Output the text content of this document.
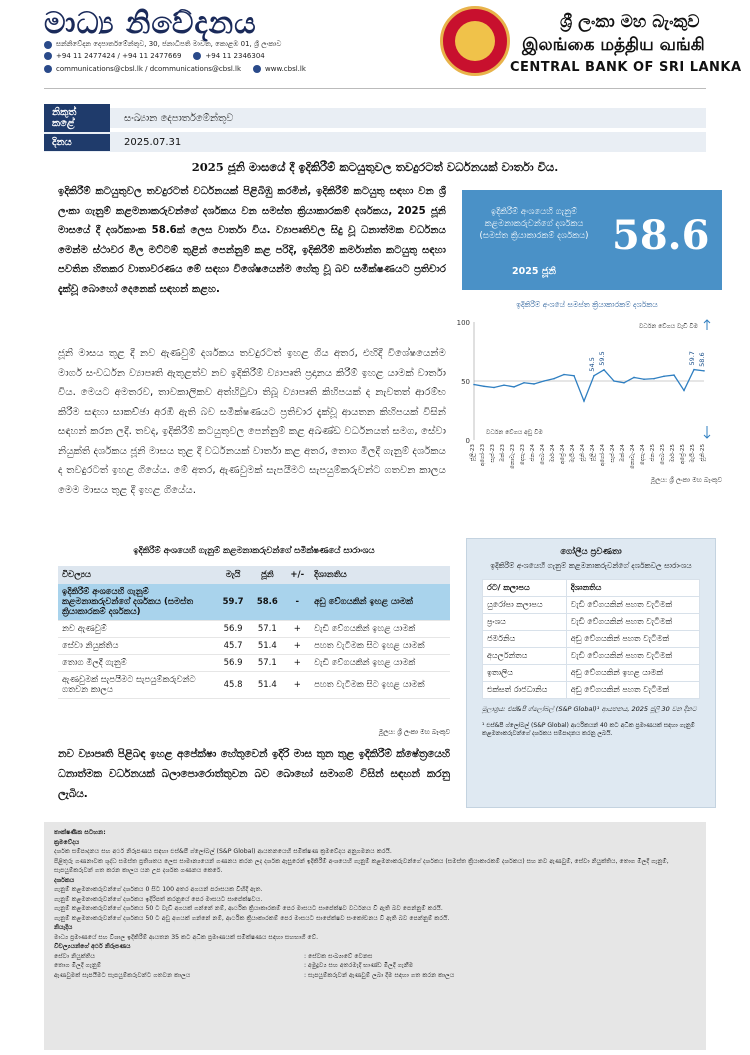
මාධ්‍ය නිවේදනය
සන්නිවේදන දෙපාර්තමේන්තුව, 30, ජනාධිපති මාවත, කොළඹ 01, ශ්‍රී ලංකාව
+94 11 2477424 / +94 11 2477669	+94 11 2346304
communications@cbsl.lk / dcommunications@cbsl.lk	www.cbsl.lk
ශ්‍රී ලංකා මහ බැංකුව
இலங்கை மத்திய வங்கி
CENTRAL BANK OF SRI LANKA
නිකුත් කළේ	සංඛ්‍යාන දෙපාර්තමේන්තුව
දිනය	2025.07.31
2025 ජූනි මාසයේ දී ඉදිකිරීම් කටයුතුවල තවදුරටත් වර්ධනයක් වාර්තා විය.
ඉදිකිරීම් කටයුතුවල තවදුරටත් වර්ධනයක් පිළිබිඹු කරමින්, ඉදිකිරීම් කටයුතු සඳහා වන ශ්‍රී ලංකා ගැනුම් කළමනාකරුවන්ගේ දර්ශකය වන සමස්ත ක්‍රියාකාරකම් දර්ශකය, 2025 ජූනි මාසයේ දී දර්ශකාංක 58.6ක් ලෙස වාර්තා විය. ව්‍යාපෘතිවල සිදු වූ ධනාත්මක වර්ධනය මෙන්ම ස්ථාවර මිල මට්ටම් තුළින් පෙන්නුම් කළ පරිදි, ඉදිකිරීම් කර්මාන්ත කටයුතු සඳහා පවතින හිතකර වාතාවරණය මේ සඳහා විශේෂයෙන්ම හේතු වූ බව සමීක්ෂණයට ප්‍රතිචාර දැක්වූ බොහෝ දෙනෙක් සඳහන් කළහ.
ජූනි මාසය තුළ දී නව ඇණවුම් දර්ශකය තවදුරටත් ඉහළ ගිය අතර, එහිදී විශේෂයෙන්ම මාර්ග සංවර්ධන ව්‍යාපෘති ඇතුළත්ව නව ඉදිකිරීම් ව්‍යාපෘති ප්‍රදානය කිරීම් ඉහළ යාමක් වාර්තා විය. මෙයට අමතරව, තාවකාලිකව අත්හිටුවා තිබූ ව්‍යාපෘති කිහිපයක් ද නැවතත් ආරම්භ කිරීම සඳහා සාකච්ඡා අරඹී ඇති බව සමීක්ෂණයට ප්‍රතිචාර දැක්වූ ආයතන කිහිපයක් විසින් සඳහන් කරන ලදී. තවද, ඉදිකිරීම් කටයුතුවල පෙන්නුම් කළ අඛණ්ඩ වර්ධනයත් සමග, සේවා නියුක්ති දර්ශකය ජූනි මාසය තුළ දී වර්ධනයක් වාර්තා කළ අතර, තොග මිලදී ගැනුම් දර්ශකය ද තවදුරටත් ඉහළ ගියේය. මේ අතර, ඇණවුමක් සැපයීමට සැපයුම්කරුවන්ට ගතවන කාලය මෙම මාසය තුළ දී ඉහළ ගියේය.
ඉදිකිරීම් අංශයෙහි ගැනුම් කළමනාකරුවන්ගේ දර්ශකය (සමස්ත ක්‍රියාකාරකම් දර්ශකය)
2025 ජූනි
58.6
ඉදිකිරීම් අංශයේ සමස්ත ක්‍රියාකාරකම් දර්ශකය
0
50
100
54.5 59.5	59.7 58.6
ජූලි-23 අගෝ-23 සැප්-23 ඔක්-23 නොවැ-23 දෙසැ-23 ජන-24 පෙබ-24 මාර්-24 අප්‍රේ-24 මැයි-24 ජූනි-24 ජූලි-24 අගෝ-24 සැප්-24 ඔක්-24 නොවැ-24 දෙසැ-24 ජන-25 පෙබ-25 මාර්-25 අප්‍රේ-25 මැයි-25 ජූනි-25
වර්ධන වේගය වැඩි වීම
වර්ධන වේගය අඩු වීම
මූලය: ශ්‍රී ලංකා මහ බැංකුව
ඉදිකිරීම් අංශයෙහි ගැනුම් කළමනාකරුවන්ගේ සමීක්ෂණයේ සාරාංශය
විචල්‍යය	මැයි	ජූනි	+/-	දිශානතිය
ඉදිකිරීම් අංශයෙහි ගැනුම් කළමනාකරුවන්ගේ දර්ශකය (සමස්ත ක්‍රියාකාරකම් දර්ශකය)	59.7	58.6	-	අඩු වේගයකින් ඉහළ යාමක්
නව ඇණවුම්	56.9	57.1	+	වැඩි වේගයකින් ඉහළ යාමක්
සේවා නියුක්තිය	45.7	51.4	+	පහත වැටීමක සිට ඉහළ යාමක්
තොග මිලදී ගැනුම්	56.9	57.1	+	වැඩි වේගයකින් ඉහළ යාමක්
ඇණවුමක් සැපයීමට සැපයුම්කරුවන්ට ගතවන කාලය	45.8	51.4	+	පහත වැටීමක සිට ඉහළ යාමක්
මූලය: ශ්‍රී ලංකා මහ බැංකුව
නව ව්‍යාපෘති පිළිබඳ ඉහළ අපේක්ෂා හේතුවෙන් ඉදිරි මාස තුන තුළ ඉදිකිරීම් ක්ෂේත්‍රයෙහි ධනාත්මක වර්ධනයක් බලාපොරොත්තුවන බව බොහෝ සමාගම් විසින් සඳහන් කරනු ලැබිය.
ගෝලීය ප්‍රවණතා
ඉදිකිරීම් අංශයෙහි ගැනුම් කළමනාකරුවන්ගේ දර්ශකවල සාරාංශය
රට/ කලාපය	දිශානතිය
යුරෝපා කලාපය	වැඩි වේගයකින් පහත වැටීමක්
ප්‍රංශය	වැඩි වේගයකින් පහත වැටීමක්
ජර්මනිය	අඩු වේගයකින් පහත වැටීමක්
අයර්ලන්තය	වැඩි වේගයකින් පහත වැටීමක්
ඉතාලිය	අඩු වේගයකින් ඉහළ යාමක්
එක්සත් රාජධානිය	අඩු වේගයකින් පහත වැටීමක්
මූලාශ්‍රය: එස්&පී ග්ලෝබල් (S&P Global)¹ ආයතනය, 2025 ජූලි 30 වන දිනට
¹ එස්&පී ග්ලෝබල් (S&P Global) ආර්ථිකයන් 40 කට අධික ප්‍රමාණයක් සඳහා ගැනුම් කළමනාකරුවන්ගේ දර්ශකය සම්පාදනය කරනු ලබයි.
තාක්ෂණික සටහන:
ක්‍රමවේදය
දර්ශක සම්පාදනය සහ අර්ථ නිරූපණය සඳහා එස්&පී ග්ලෝබල් (S&P Global) ආයතනයෙහි සමීක්ෂණ ක්‍රමවේදය අනුගමනය කරයි.
පිළිතුරු ගණනාවක ශුද්ධ සමස්ත ප්‍රතිශතය ලෙස සාමාන්‍යයෙන් ගණනය කරන ලද දර්ශක ඇසුරෙන් ඉදිකිරීම් අංශයෙහි ගැනුම් කළමනාකරුවන්ගේ දර්ශකය (සමස්ත ක්‍රියාකාරකම් දර්ශකය) සහ නව ඇණවුම්, සේවා නියුක්තිය, තොග මිලදී ගැනුම්, සැපයුම්කරුවන් ගත කරන කාලය යන උප දර්ශක ගණනය කෙරේ.
දර්ශකය
ගැනුම් කළමනාකරුවන්ගේ දර්ශකය 0 සිට 100 අතර අගයන් පරාසයක විහිදී ඇත.
ගැනුම් කළමනාකරුවන්ගේ දර්ශකය ඉදිරිපත් කරනුයේ පෙර මාසයට සාපේක්ෂවය.
ගැනුම් කළමනාකරුවන්ගේ දර්ශකය 50 ට වැඩි අගයක් ගන්නේ නම්, ආර්ථික ක්‍රියාකාරකම් පෙර මාසයට සාපේක්ෂව වර්ධනය වී ඇති බව පෙන්නුම් කරයි.
ගැනුම් කළමනාකරුවන්ගේ දර්ශකය 50 ට අඩු අගයක් ගන්නේ නම්, ආර්ථික ක්‍රියාකාරකම් පෙර මාසයට සාපේක්ෂව සංකෝචනය වී ඇති බව පෙන්නුම් කරයි.
නියැදිය
මාධ්‍ය ප්‍රමාණයේ සහ විශාල ඉදිකිරීම් ආයතන 35 කට අධික ප්‍රමාණයක් සමීක්ෂණය සඳහා සහභාගී වේ.
විචල්‍යයන්ගේ අර්ථ නිරූපණය
සේවා නියුක්තිය	: සේවක සංඛ්‍යාවේ වෙනස
තොග මිලදී ගැනුම්	: අමුද්‍රව්‍ය සහ අතරමැදි භාණ්ඩ මිලදී ගැනීම
ඇණවුමක් සැපයීමට සැපයුම්කරුවන්ට ගතවන කාලය	: සැපයුම්කරුවන් ඇණවුම් ලබා දීම සඳහා ගත කරන කාලය
